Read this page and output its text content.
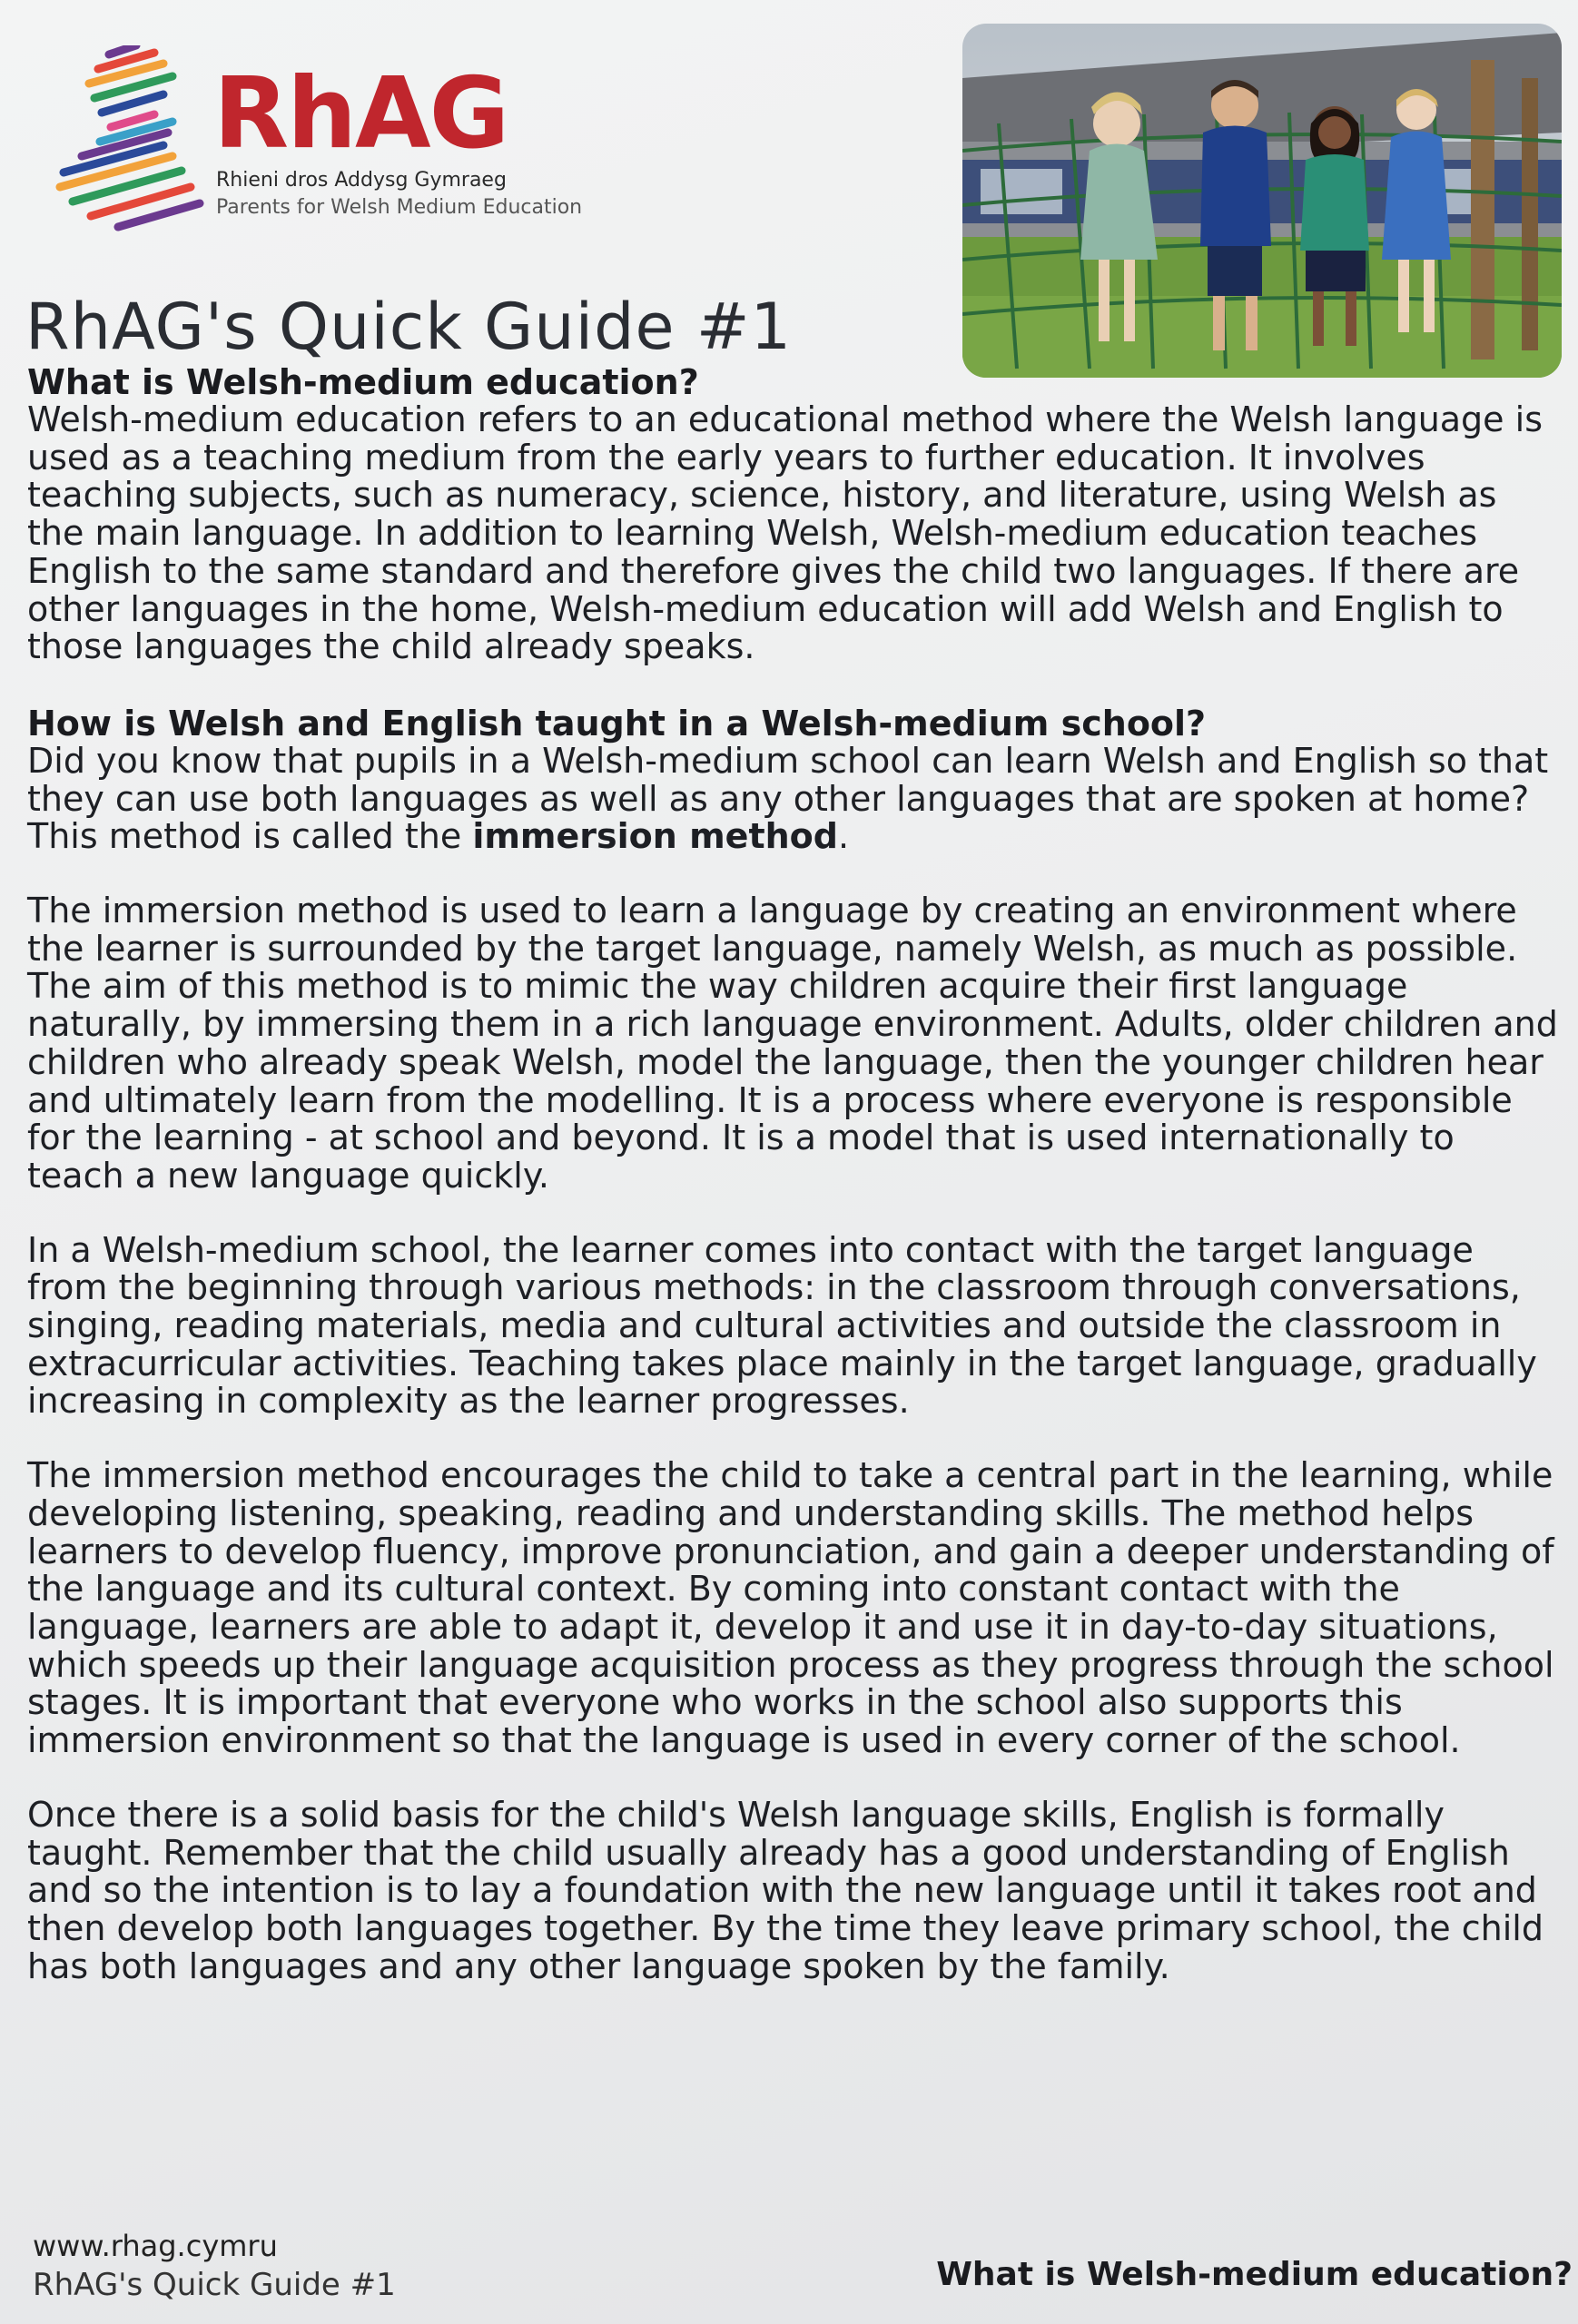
RhAG
Rhieni dros Addysg Gymraeg
Parents for Welsh Medium Education
RhAG's Quick Guide #1
What is Welsh-medium education?

Welsh-medium education refers to an educational method where the Welsh language is used as a teaching medium from the early years to further education. It involves teaching subjects, such as numeracy, science, history, and literature, using Welsh as the main language. In addition to learning Welsh, Welsh-medium education teaches English to the same standard and therefore gives the child two languages. If there are other languages in the home, Welsh-medium education will add Welsh and English to those languages the child already speaks.

How is Welsh and English taught in a Welsh-medium school?

Did you know that pupils in a Welsh-medium school can learn Welsh and English so that they can use both languages as well as any other languages that are spoken at home? This method is called the immersion method.

The immersion method is used to learn a language by creating an environment where the learner is surrounded by the target language, namely Welsh, as much as possible. The aim of this method is to mimic the way children acquire their first language naturally, by immersing them in a rich language environment. Adults, older children and children who already speak Welsh, model the language, then the younger children hear and ultimately learn from the modelling. It is a process where everyone is responsible for the learning - at school and beyond. It is a model that is used internationally to teach a new language quickly.

In a Welsh-medium school, the learner comes into contact with the target language from the beginning through various methods: in the classroom through conversations, singing, reading materials, media and cultural activities and outside the classroom in extracurricular activities. Teaching takes place mainly in the target language, gradually increasing in complexity as the learner progresses.

The immersion method encourages the child to take a central part in the learning, while developing listening, speaking, reading and understanding skills. The method helps learners to develop fluency, improve pronunciation, and gain a deeper understanding of the language and its cultural context. By coming into constant contact with the language, learners are able to adapt it, develop it and use it in day-to-day situations, which speeds up their language acquisition process as they progress through the school stages. It is important that everyone who works in the school also supports this immersion environment so that the language is used in every corner of the school.

Once there is a solid basis for the child's Welsh language skills, English is formally taught. Remember that the child usually already has a good understanding of English and so the intention is to lay a foundation with the new language until it takes root and then develop both languages together. By the time they leave primary school, the child has both languages and any other language spoken by the family.

www.rhag.cymru
RhAG's Quick Guide #1	What is Welsh-medium education?
